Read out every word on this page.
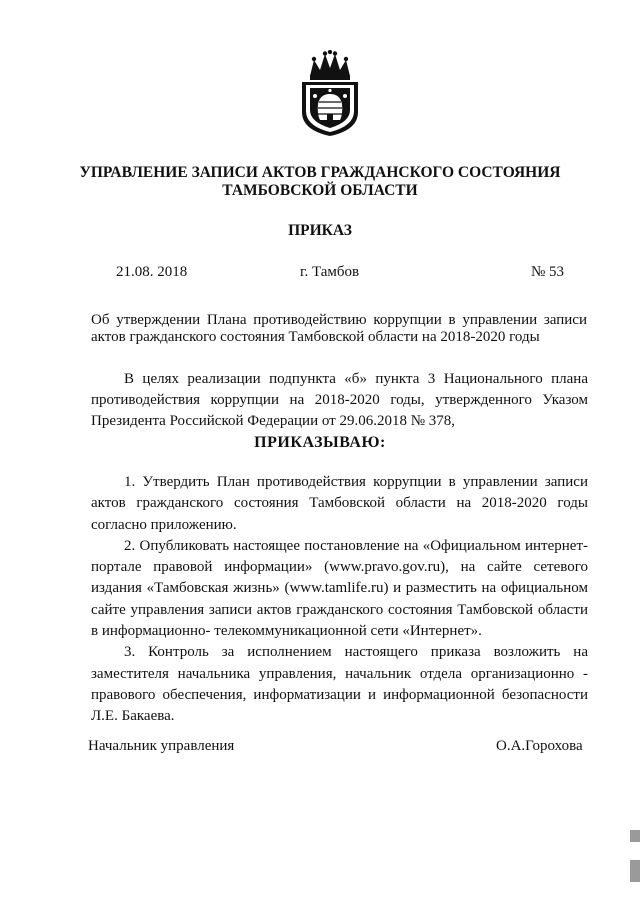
УПРАВЛЕНИЕ ЗАПИСИ АКТОВ ГРАЖДАНСКОГО СОСТОЯНИЯ
ТАМБОВСКОЙ ОБЛАСТИ
ПРИКАЗ
21.08. 2018	г. Тамбов	№ 53
Об утверждении Плана противодействию коррупции в управлении записи актов гражданского состояния Тамбовской области на 2018-2020 годы
В целях реализации подпункта «б» пункта 3 Национального плана противодействия коррупции на 2018-2020 годы, утвержденного Указом Президента Российской Федерации от 29.06.2018 № 378,
ПРИКАЗЫВАЮ:

1. Утвердить План противодействия коррупции в управлении записи актов гражданского состояния Тамбовской области на 2018-2020 годы согласно приложению.

2. Опубликовать настоящее постановление на «Официальном интернет-портале правовой информации» (www.pravo.gov.ru), на сайте сетевого издания «Тамбовская жизнь» (www.tamlife.ru) и разместить на официальном сайте управления записи актов гражданского состояния Тамбовской области в информационно- телекоммуникационной сети «Интернет».

3. Контроль за исполнением настоящего приказа возложить на заместителя начальника управления, начальник отдела организационно - правового обеспечения, информатизации и информационной безопасности Л.Е. Бакаева.

Начальник управления	О.А.Горохова
